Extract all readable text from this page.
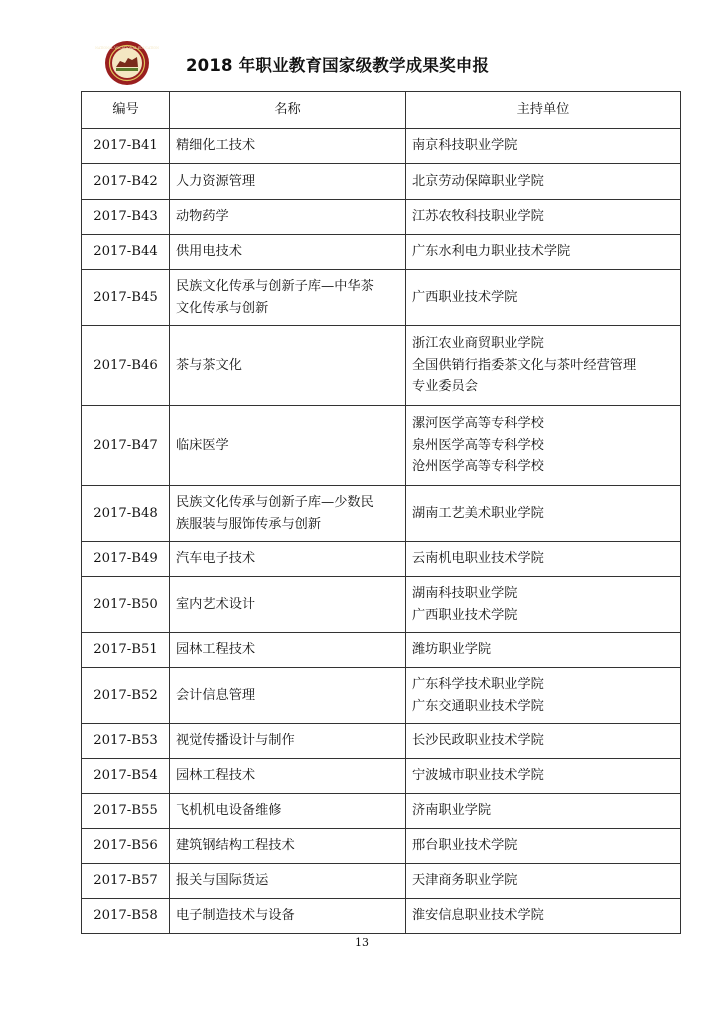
NATIONAL VOCATIONAL EDUCATION
2018 年职业教育国家级教学成果奖申报
编号	名称	主持单位
2017-B41	精细化工技术	南京科技职业学院

2017-B42	人力资源管理	北京劳动保障职业学院

2017-B43	动物药学	江苏农牧科技职业学院

2017-B44	供用电技术	广东水利电力职业技术学院

2017-B45	民族文化传承与创新子库—中华茶
文化传承与创新	广西职业技术学院

2017-B46	茶与茶文化	浙江农业商贸职业学院
全国供销行指委茶文化与茶叶经营管理
专业委员会

2017-B47	临床医学	漯河医学高等专科学校
泉州医学高等专科学校
沧州医学高等专科学校

2017-B48	民族文化传承与创新子库—少数民
族服装与服饰传承与创新	湖南工艺美术职业学院

2017-B49	汽车电子技术	云南机电职业技术学院

2017-B50	室内艺术设计	湖南科技职业学院
广西职业技术学院

2017-B51	园林工程技术	潍坊职业学院

2017-B52	会计信息管理	广东科学技术职业学院
广东交通职业技术学院

2017-B53	视觉传播设计与制作	长沙民政职业技术学院

2017-B54	园林工程技术	宁波城市职业技术学院

2017-B55	飞机机电设备维修	济南职业学院

2017-B56	建筑钢结构工程技术	邢台职业技术学院

2017-B57	报关与国际货运	天津商务职业学院

2017-B58	电子制造技术与设备	淮安信息职业技术学院
13
